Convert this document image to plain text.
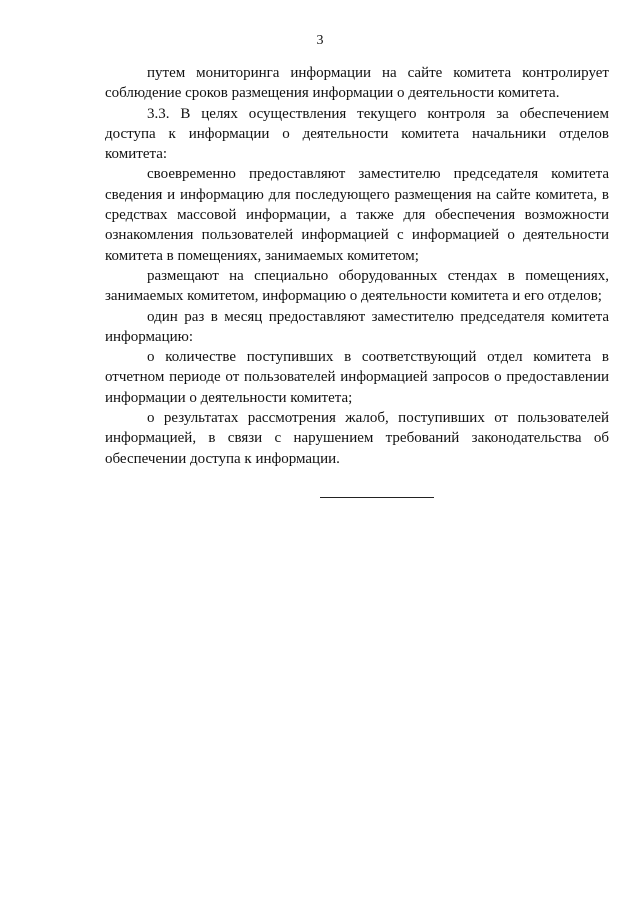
3

путем мониторинга информации на сайте комитета контролирует соблюдение сроков размещения информации о деятельности комитета.

3.3. В целях осуществления текущего контроля за обеспечением доступа к информации о деятельности комитета начальники отделов комитета:

своевременно предоставляют заместителю председателя комитета сведения и информацию для последующего размещения на сайте комитета, в средствах массовой информации, а также для обеспечения возможности ознакомления пользователей информацией с информацией о деятельности комитета в помещениях, занимаемых комитетом;

размещают на специально оборудованных стендах в помещениях, занимаемых комитетом, информацию о деятельности комитета и его отделов;

один раз в месяц предоставляют заместителю председателя комитета информацию:

о количестве поступивших в соответствующий отдел комитета в отчетном периоде от пользователей информацией запросов о предоставлении информации о деятельности комитета;

о результатах рассмотрения жалоб, поступивших от пользователей информацией, в связи с нарушением требований законодательства об обеспечении доступа к информации.
